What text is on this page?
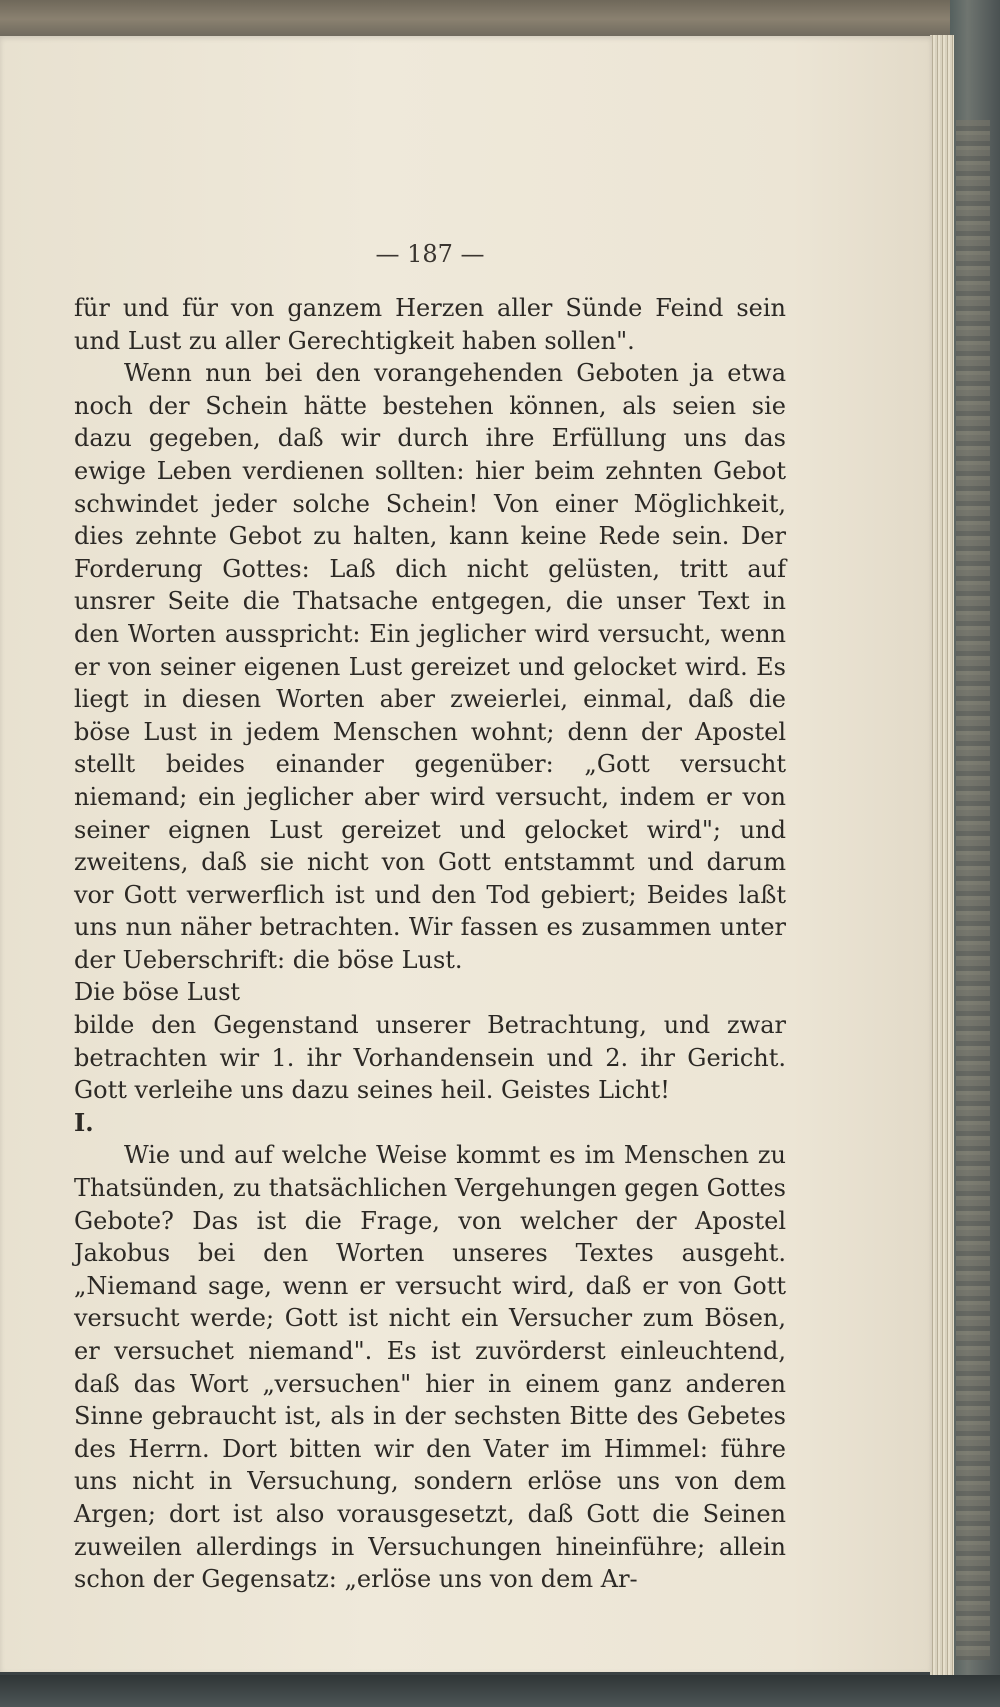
— 187 —

für und für von ganzem Herzen aller Sünde Feind sein und Lust zu aller Gerechtigkeit haben sollen".

Wenn nun bei den vorangehenden Geboten ja etwa noch der Schein hätte bestehen können, als seien sie dazu gegeben, daß wir durch ihre Erfüllung uns das ewige Leben verdienen sollten: hier beim zehnten Gebot schwindet jeder solche Schein! Von einer Möglichkeit, dies zehnte Gebot zu halten, kann keine Rede sein. Der Forderung Gottes: Laß dich nicht gelüsten, tritt auf unsrer Seite die Thatsache entgegen, die unser Text in den Worten ausspricht: Ein jeglicher wird versucht, wenn er von seiner eigenen Lust gereizet und gelocket wird. Es liegt in diesen Worten aber zweierlei, einmal, daß die böse Lust in jedem Menschen wohnt; denn der Apostel stellt beides einander gegenüber: „Gott versucht niemand; ein jeglicher aber wird versucht, indem er von seiner eignen Lust gereizet und gelocket wird"; und zweitens, daß sie nicht von Gott entstammt und darum vor Gott verwerflich ist und den Tod gebiert; Beides laßt uns nun näher betrachten. Wir fassen es zusammen unter der Ueberschrift: die böse Lust.

Die böse Lust

bilde den Gegenstand unserer Betrachtung, und zwar betrachten wir 1. ihr Vorhandensein und 2. ihr Gericht. Gott verleihe uns dazu seines heil. Geistes Licht!

I.

Wie und auf welche Weise kommt es im Menschen zu Thatsünden, zu thatsächlichen Vergehungen gegen Gottes Gebote? Das ist die Frage, von welcher der Apostel Jakobus bei den Worten unseres Textes ausgeht. „Niemand sage, wenn er versucht wird, daß er von Gott versucht werde; Gott ist nicht ein Versucher zum Bösen, er versuchet niemand". Es ist zuvörderst einleuchtend, daß das Wort „versuchen" hier in einem ganz anderen Sinne gebraucht ist, als in der sechsten Bitte des Gebetes des Herrn. Dort bitten wir den Vater im Himmel: führe uns nicht in Versuchung, sondern erlöse uns von dem Argen; dort ist also vorausgesetzt, daß Gott die Seinen zuweilen allerdings in Versuchungen hineinführe; allein schon der Gegensatz: „erlöse uns von dem Ar-
